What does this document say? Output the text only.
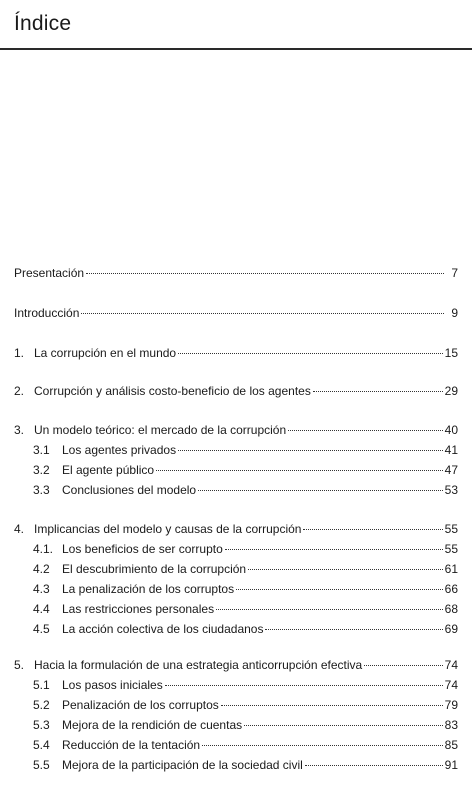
Índice
Presentación	7
Introducción	9
1. La corrupción en el mundo	15
2. Corrupción y análisis costo-beneficio de los agentes	29
3. Un modelo teórico: el mercado de la corrupción	40
3.1	Los agentes privados	41
3.2	El agente público	47
3.3	Conclusiones del modelo	53
4. Implicancias del modelo y causas de la corrupción	55
4.1. Los beneficios de ser corrupto	55
4.2	El descubrimiento de la corrupción	61
4.3	La penalización de los corruptos	66
4.4	Las restricciones personales	68
4.5	La acción colectiva de los ciudadanos	69
5. Hacia la formulación de una estrategia anticorrupción efectiva	74
5.1	Los pasos iniciales	74
5.2	Penalización de los corruptos	79
5.3	Mejora de la rendición de cuentas	83
5.4	Reducción de la tentación	85
5.5	Mejora de la participación de la sociedad civil	91
